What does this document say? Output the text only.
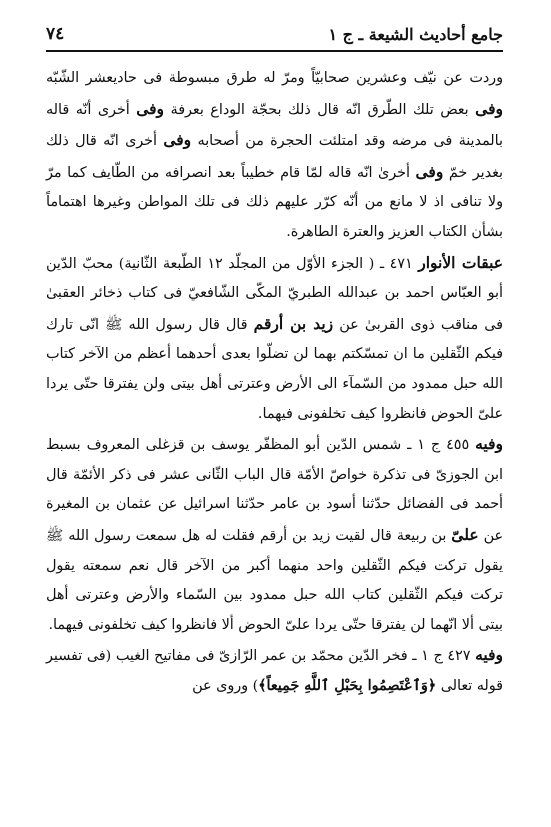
جامع أحاديث الشيعة ـ ج ١
٧٤

وردت عن نيّف وعشرين صحابيّاً ومرّ له طرق مبسوطة فى حاديعشر الشّبّه وفى بعض تلك الطّرق انّه قال ذلك بحجّة الوداع بعرفة وفى أخرى أنّه قاله بالمدينة فى مرضه وقد امتلئت الحجرة من أصحابه وفى أخرى انّه قال ذلك بغدير خمّ وفى أخرىٰ انّه قاله لمّا قام خطيباً بعد انصرافه من الطّايف كما مرّ ولا تنافى اذ لا مانع من أنّه كرّر عليهم ذلك فى تلك المواطن وغيرها اهتماماً بشأن الكتاب العزيز والعترة الطاهرة.

عبقات الأنوار ٤٧١ ـ ( الجزء الأوّل من المجلّد ١٢ الطّبعة الثّانية) محبّ الدّين أبو العبّاس احمد بن عبدالله الطبريّ المكّى الشّافعيّ فى كتاب ذخائر العقبىٰ فى مناقب ذوى القربىٰ عن زيد بن أرقم قال قال رسول الله ﷺ انّى تارك فيكم الثّقلين ما ان تمسّكتم بهما لن تضلّوا بعدى أحدهما أعظم من الآخر كتاب الله حبل ممدود من السّمآء الى الأرض وعترتى أهل بيتى ولن يفترقا حتّى يردا علىّ الحوض فانظروا كيف تخلفونى فيهما.

وفيه ٤٥٥ ج ١ ـ شمس الدّين أبو المظفّر يوسف بن قزغلى المعروف بسبط ابن الجوزىّ فى تذكرة خواصّ الأمّة قال الباب الثّانى عشر فى ذكر الأئمّة قال أحمد فى الفضائل حدّثنا أسود بن عامر حدّثنا اسرائيل عن عثمان بن المغيرة عن علىّ بن ربيعة قال لقيت زيد بن أرقم فقلت له هل سمعت رسول الله ﷺ يقول تركت فيكم الثّقلين واحد منهما أكبر من الآخر قال نعم سمعته يقول تركت فيكم الثّقلين كتاب الله حبل ممدود بين السّماء والأرض وعترتى أهل بيتى ألا انّهما لن يفترقا حتّى يردا علىّ الحوض ألا فانظروا كيف تخلفونى فيهما.

وفيه ٤٢٧ ج ١ ـ فخر الدّين محمّد بن عمر الرّازىّ فى مفاتيح الغيب (فى تفسير قوله تعالى ﴿وَٱعْتَصِمُوا بِحَبْلِ ٱللَّهِ جَمِيعاً﴾) وروى عن
